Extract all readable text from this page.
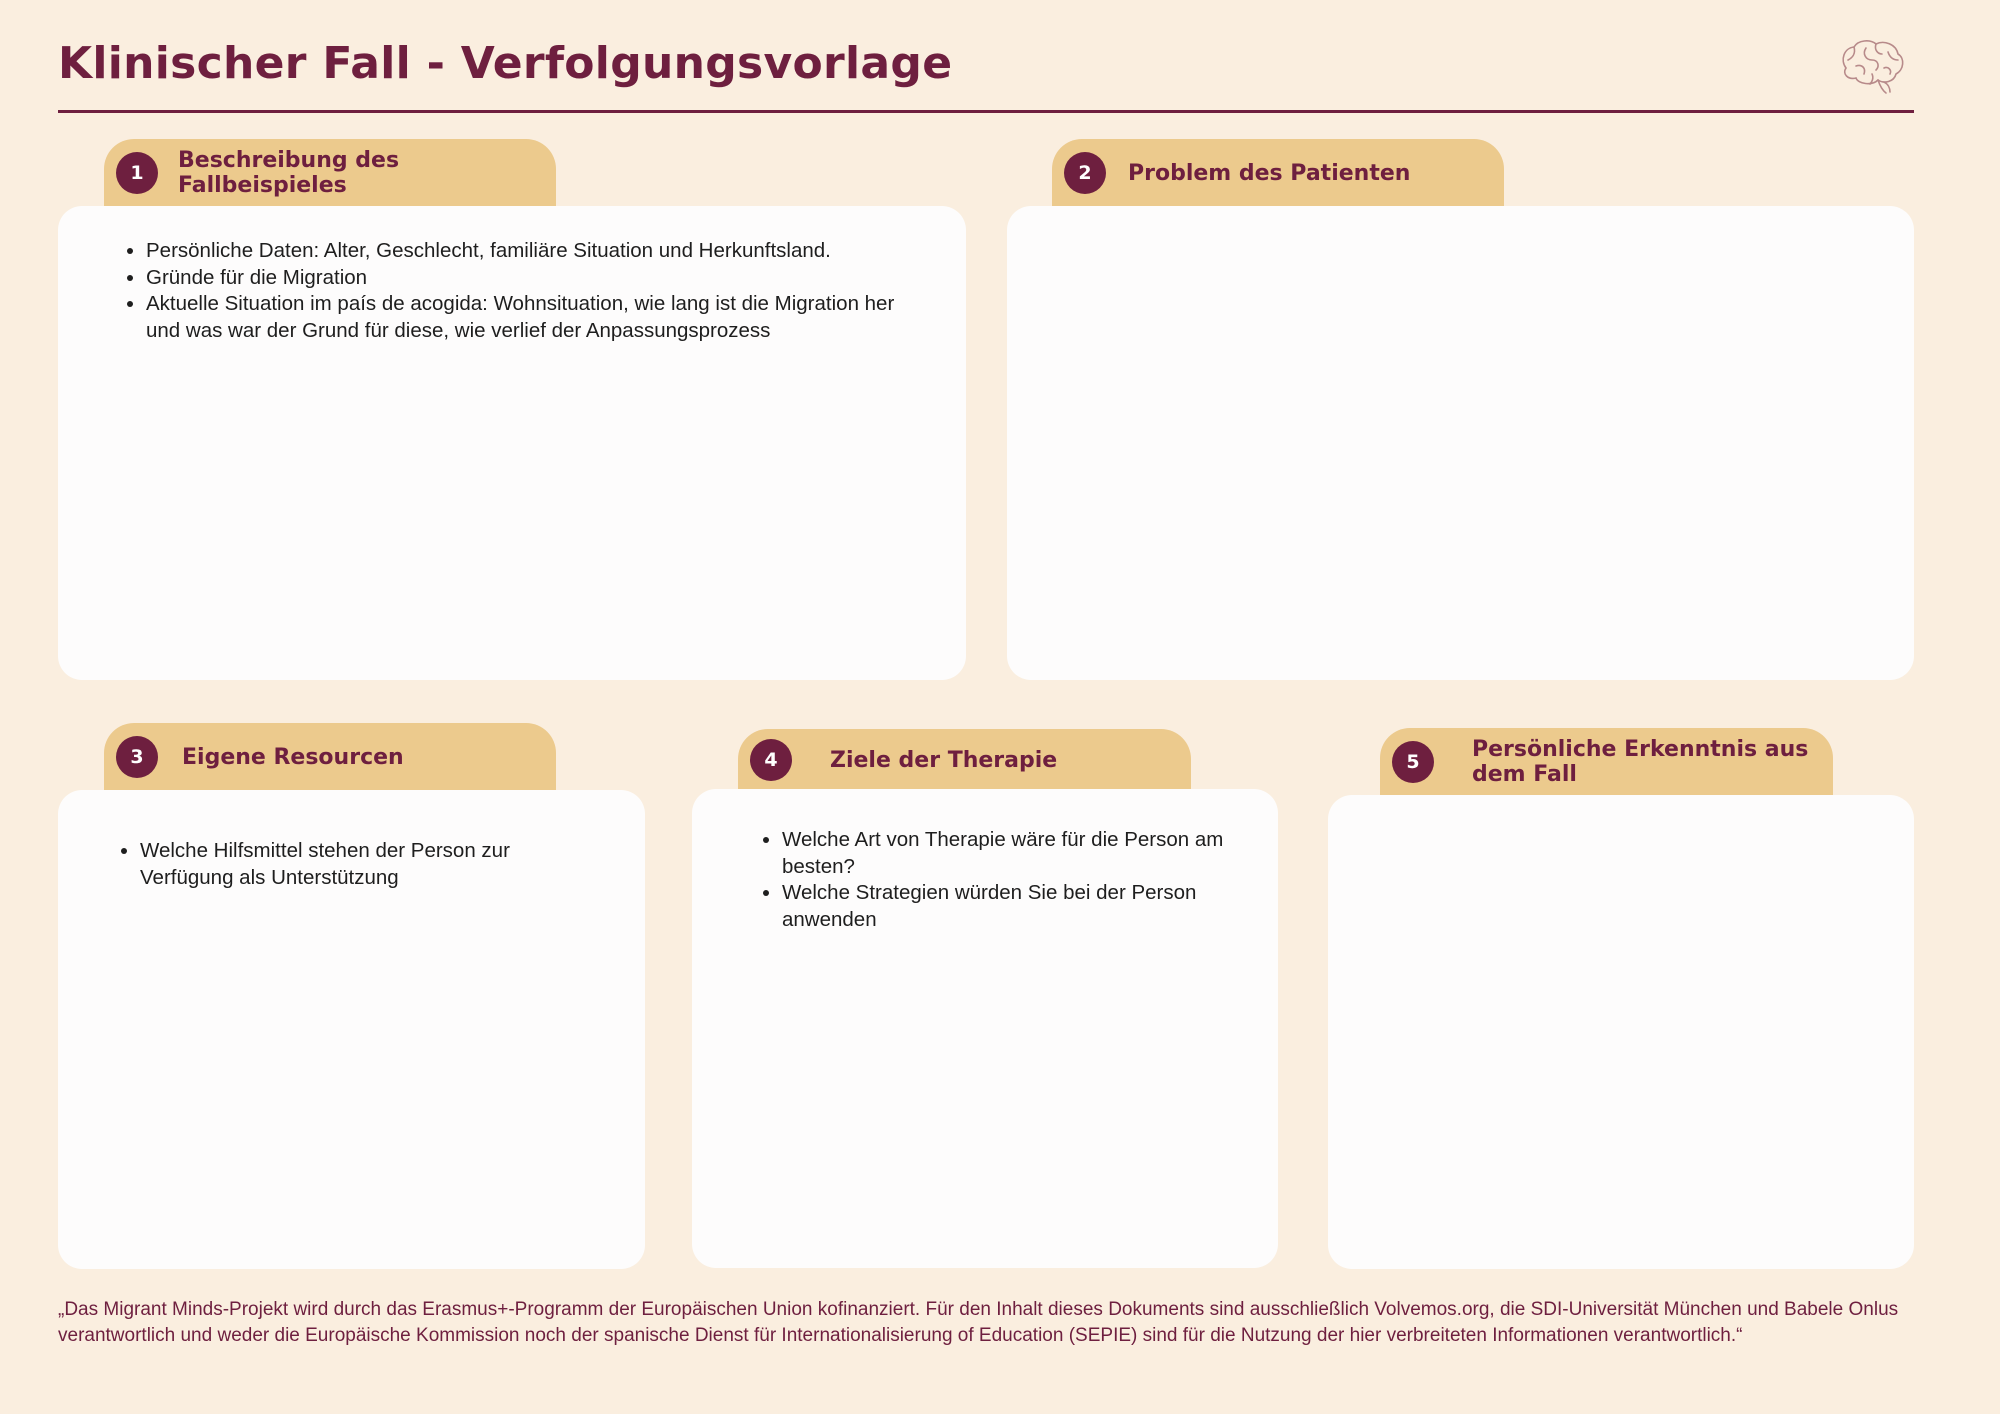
Klinischer Fall - Verfolgungsvorlage
1	Beschreibung des Fallbeispieles
• Persönliche Daten: Alter, Geschlecht, familiäre Situation und Herkunftsland.
• Gründe für die Migration
• Aktuelle Situation im país de acogida: Wohnsituation, wie lang ist die Migration her und was war der Grund für diese, wie verlief der Anpassungsprozess
2	Problem des Patienten
3	Eigene Resourcen
• Welche Hilfsmittel stehen der Person zur Verfügung als Unterstützung
4	Ziele der Therapie
• Welche Art von Therapie wäre für die Person am besten?
• Welche Strategien würden Sie bei der Person anwenden
5	Persönliche Erkenntnis aus dem Fall

„Das Migrant Minds-Projekt wird durch das Erasmus+-Programm der Europäischen Union kofinanziert. Für den Inhalt dieses Dokuments sind ausschließlich Volvemos.org, die SDI-Universität München und Babele Onlus verantwortlich und weder die Europäische Kommission noch der spanische Dienst für Internationalisierung of Education (SEPIE) sind für die Nutzung der hier verbreiteten Informationen verantwortlich.“
